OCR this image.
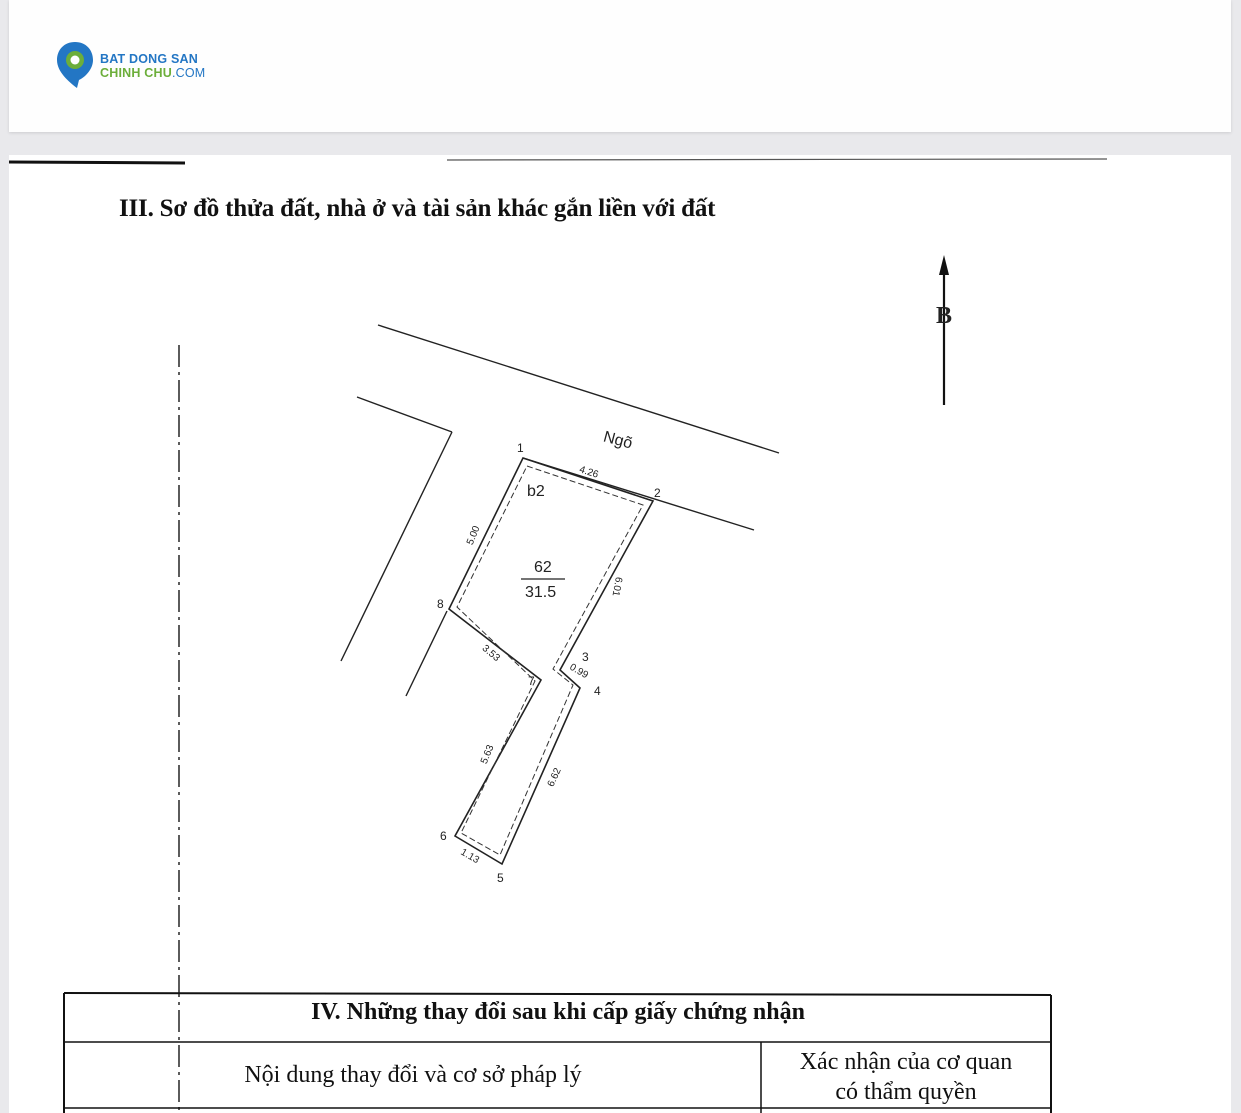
BAT DONG SAN
CHINH CHU.COM
III. Sơ đồ thửa đất, nhà ở và tài sản khác gắn liền với đất
B
Ngõ
b2
62
31.5
1
2
3
4
5
6
7
8
4.26
6.01
0.99
6.62
1.13
5.63
3.53
5.00
IV. Những thay đổi sau khi cấp giấy chứng nhận
Nội dung thay đổi và cơ sở pháp lý	Xác nhận của cơ quan
có thẩm quyền
